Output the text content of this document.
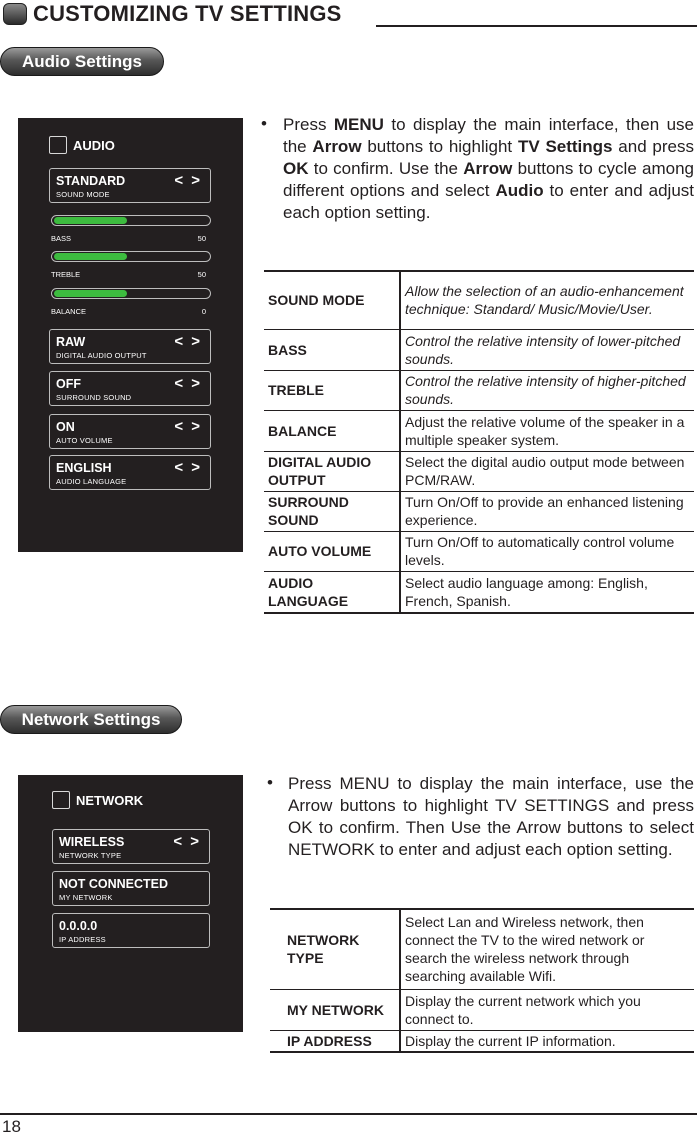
CUSTOMIZING TV SETTINGS
Audio Settings
AUDIO
STANDARD
SOUND MODE
< >
BASS	50
TREBLE	50
BALANCE	0
RAW
DIGITAL AUDIO OUTPUT
< >
OFF
SURROUND SOUND
< >
ON
AUTO VOLUME
< >
ENGLISH
AUDIO LANGUAGE
< >
• Press MENU to display the main interface, then use the Arrow buttons to highlight TV Settings and press OK to confirm. Use the Arrow buttons to cycle among different options and select Audio to enter and adjust each option setting.

SOUND MODE	Allow the selection of an audio-enhancement technique: Standard/ Music/Movie/User.
BASS	Control the relative intensity of lower-pitched sounds.
TREBLE	Control the relative intensity of higher-pitched sounds.
BALANCE	Adjust the relative volume of the speaker in a multiple speaker system.
DIGITAL AUDIO OUTPUT	Select the digital audio output mode between PCM/RAW.
SURROUND SOUND	Turn On/Off to provide an enhanced listening experience.
AUTO VOLUME	Turn On/Off to automatically control volume levels.
AUDIO LANGUAGE	Select audio language among: English, French, Spanish.
Network Settings
NETWORK
WIRELESS
NETWORK TYPE
< >
NOT CONNECTED
MY NETWORK
0.0.0.0
IP ADDRESS
• Press MENU to display the main interface, use the Arrow buttons to highlight TV SETTINGS and press OK to confirm. Then Use the Arrow buttons to select NETWORK to enter and adjust each option setting.

NETWORK TYPE	Select Lan and Wireless network, then connect the TV to the wired network or search the wireless network through searching available Wifi.
MY NETWORK	Display the current network which you connect to.
IP ADDRESS	Display the current IP information.
18
